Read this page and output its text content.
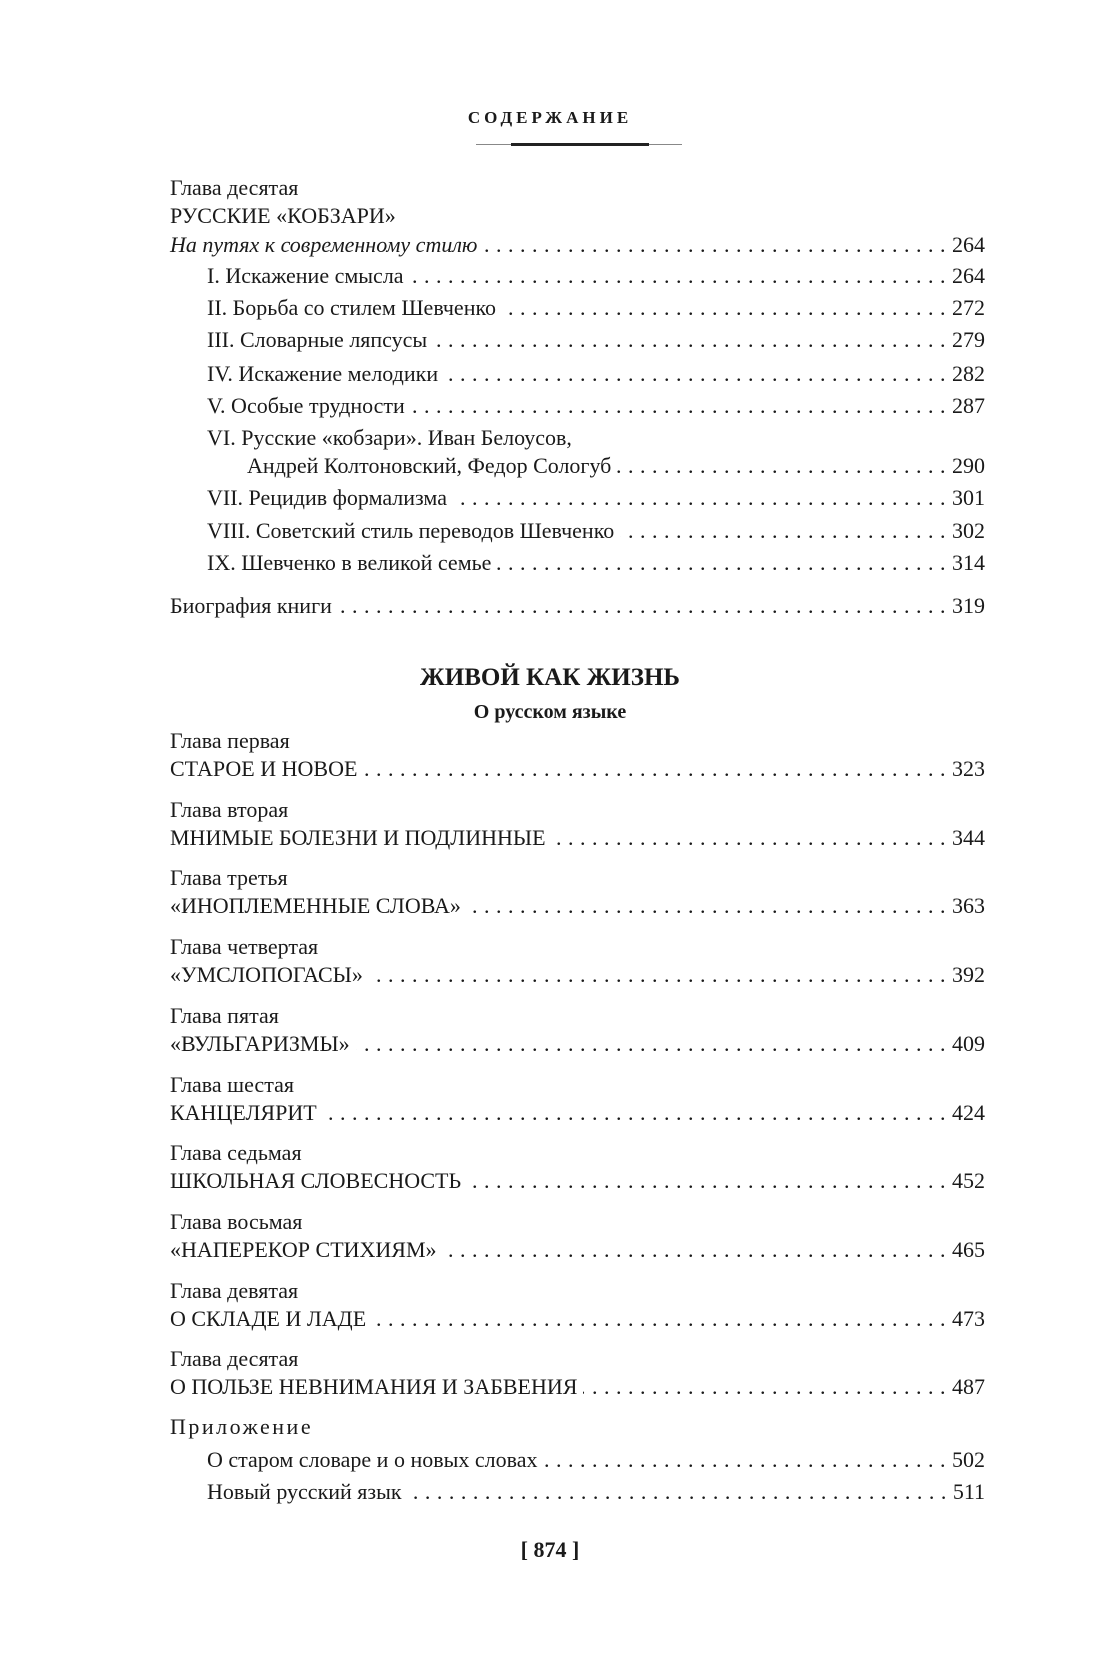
СОДЕРЖАНИЕ
Глава десятая
РУССКИЕ «КОБЗАРИ»
На путях к современному стилю . . .	264
I. Искажение смысла . . .	264
II. Борьба со стилем Шевченко . . .	272
III. Словарные ляпсусы . . .	279
IV. Искажение мелодики . . .	282
V. Особые трудности . . .	287
VI. Русские «кобзари». Иван Белоусов,
Андрей Колтоновский, Федор Сологуб . . .	290
VII. Рецидив формализма . . .	301
VIII. Советский стиль переводов Шевченко . . .	302
IX. Шевченко в великой семье . . .	314
Биография книги . . .	319
ЖИВОЙ КАК ЖИЗНЬ
О русском языке
Глава первая
СТАРОЕ И НОВОЕ . . .	323
Глава вторая
МНИМЫЕ БОЛЕЗНИ И ПОДЛИННЫЕ . . .	344
Глава третья
«ИНОПЛЕМЕННЫЕ СЛОВА» . . .	363
Глава четвертая
«УМСЛОПОГАСЫ» . . .	392
Глава пятая
«ВУЛЬГАРИЗМЫ» . . .	409
Глава шестая
КАНЦЕЛЯРИТ . . .	424
Глава седьмая
ШКОЛЬНАЯ СЛОВЕСНОСТЬ . . .	452
Глава восьмая
«НАПЕРЕКОР СТИХИЯМ» . . .	465
Глава девятая
О СКЛАДЕ И ЛАДЕ . . .	473
Глава десятая
О ПОЛЬЗЕ НЕВНИМАНИЯ И ЗАБВЕНИЯ . . .	487
Приложение
О старом словаре и о новых словах . . .	502
Новый русский язык . . .	511
[ 874 ]
